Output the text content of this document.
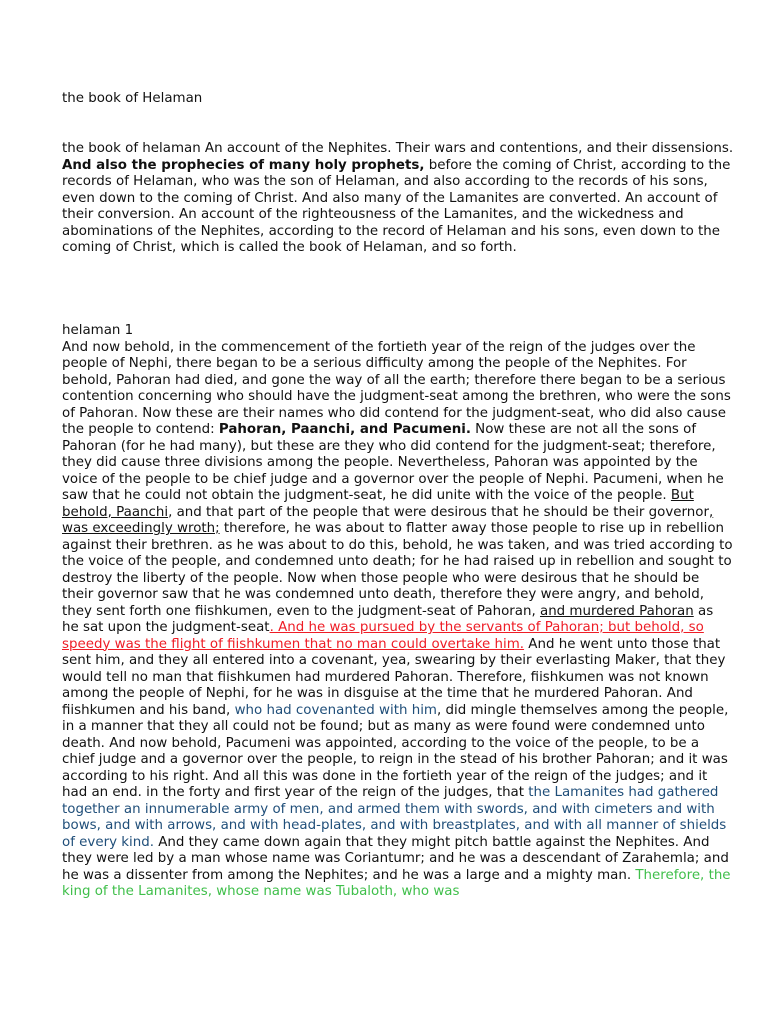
the book of Helaman

the book of helaman An account of the Nephites. Their wars and contentions, and their dissensions. And also the prophecies of many holy prophets, before the coming of Christ, according to the records of Helaman, who was the son of Helaman, and also according to the records of his sons, even down to the coming of Christ. And also many of the Lamanites are converted. An account of their conversion. An account of the righteousness of the Lamanites, and the wickedness and abominations of the Nephites, according to the record of Helaman and his sons, even down to the coming of Christ, which is called the book of Helaman, and so forth.

helaman 1

And now behold, in the commencement of the fortieth year of the reign of the judges over the people of Nephi, there began to be a serious difficulty among the people of the Nephites. For behold, Pahoran had died, and gone the way of all the earth; therefore there began to be a serious contention concerning who should have the judgment-seat among the brethren, who were the sons of Pahoran. Now these are their names who did contend for the judgment-seat, who did also cause the people to contend: Pahoran, Paanchi, and Pacumeni. Now these are not all the sons of Pahoran (for he had many), but these are they who did contend for the judgment-seat; therefore, they did cause three divisions among the people. Nevertheless, Pahoran was appointed by the voice of the people to be chief judge and a governor over the people of Nephi. Pacumeni, when he saw that he could not obtain the judgment-seat, he did unite with the voice of the people. But behold, Paanchi, and that part of the people that were desirous that he should be their governor, was exceedingly wroth; therefore, he was about to flatter away those people to rise up in rebellion against their brethren. as he was about to do this, behold, he was taken, and was tried according to the voice of the people, and condemned unto death; for he had raised up in rebellion and sought to destroy the liberty of the people. Now when those people who were desirous that he should be their governor saw that he was condemned unto death, therefore they were angry, and behold, they sent forth one fiishkumen, even to the judgment-seat of Pahoran, and murdered Pahoran as he sat upon the judgment-seat. And he was pursued by the servants of Pahoran; but behold, so speedy was the flight of fiishkumen that no man could overtake him. And he went unto those that sent him, and they all entered into a covenant, yea, swearing by their everlasting Maker, that they would tell no man that fiishkumen had murdered Pahoran. Therefore, fiishkumen was not known among the people of Nephi, for he was in disguise at the time that he murdered Pahoran. And fiishkumen and his band, who had covenanted with him, did mingle themselves among the people, in a manner that they all could not be found; but as many as were found were condemned unto death. And now behold, Pacumeni was appointed, according to the voice of the people, to be a chief judge and a governor over the people, to reign in the stead of his brother Pahoran; and it was according to his right. And all this was done in the fortieth year of the reign of the judges; and it had an end. in the forty and first year of the reign of the judges, that the Lamanites had gathered together an innumerable army of men, and armed them with swords, and with cimeters and with bows, and with arrows, and with head-plates, and with breastplates, and with all manner of shields of every kind. And they came down again that they might pitch battle against the Nephites. And they were led by a man whose name was Coriantumr; and he was a descendant of Zarahemla; and he was a dissenter from among the Nephites; and he was a large and a mighty man. Therefore, the king of the Lamanites, whose name was Tubaloth, who was
